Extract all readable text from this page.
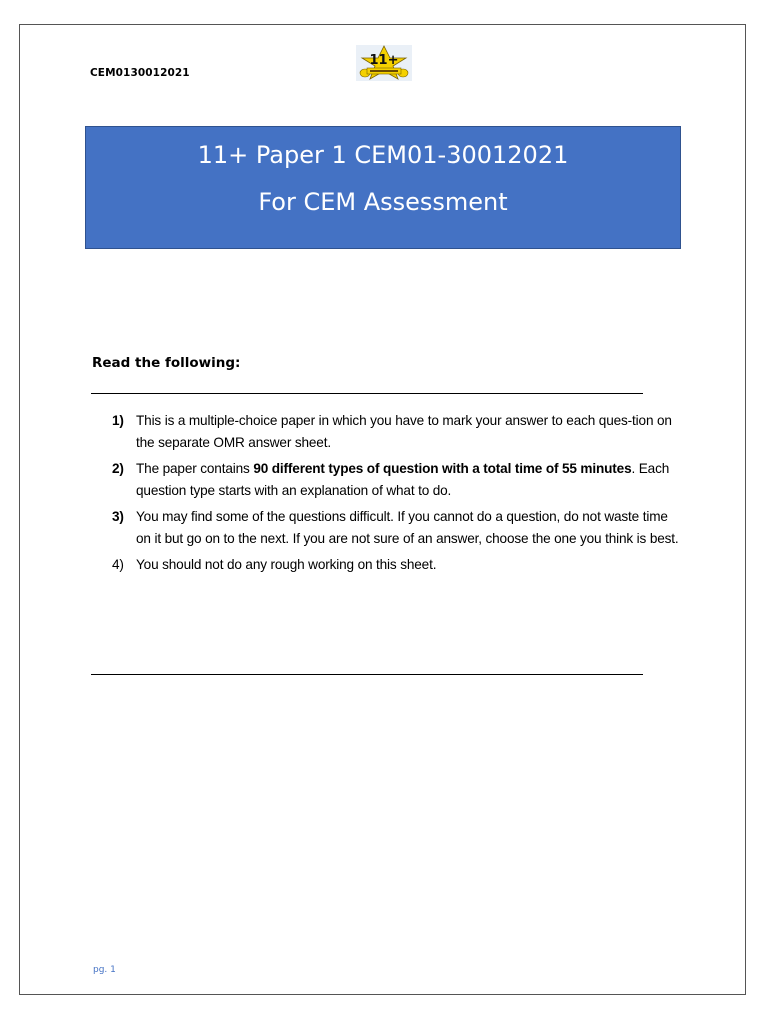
CEM0130012021
11+
11+ Paper 1 CEM01-30012021
For CEM Assessment
Read the following:
1) This is a multiple-choice paper in which you have to mark your answer to each ques-tion on the separate OMR answer sheet.
2) The paper contains 90 different types of question with a total time of 55 minutes. Each question type starts with an explanation of what to do.
3) You may find some of the questions difficult. If you cannot do a question, do not waste time on it but go on to the next. If you are not sure of an answer, choose the one you think is best.
4) You should not do any rough working on this sheet.
pg. 1
